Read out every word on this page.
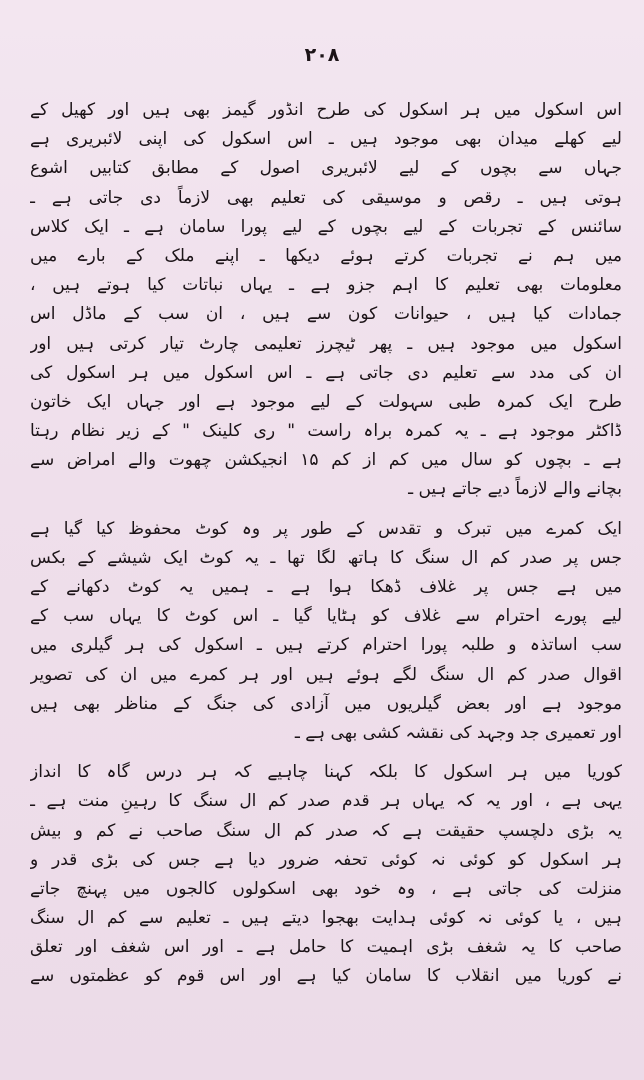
۲۰۸
اس اسکول میں ہر اسکول کی طرح انڈور گیمز بھی ہیں اور کھیل کے
لیے کھلے میدان بھی موجود ہیں ـ اس اسکول کی اپنی لائبریری ہے
جہاں سے بچوں کے لیے لائبریری اصول کے مطابق کتابیں اشوع
ہوتی ہیں ـ رقص و موسیقی کی تعلیم بھی لازماً دی جاتی ہے ـ
سائنس کے تجربات کے لیے بچوں کے لیے پورا سامان ہے ـ ایک کلاس
میں ہم نے تجربات کرتے ہوئے دیکھا ـ اپنے ملک کے بارے میں
معلومات بھی تعلیم کا اہم جزو ہے ـ یہاں نباتات کیا ہوتے ہیں ،
جمادات کیا ہیں ، حیوانات کون سے ہیں ، ان سب کے ماڈل اس
اسکول میں موجود ہیں ـ پھر ٹیچرز تعلیمی چارٹ تیار کرتی ہیں اور
ان کی مدد سے تعلیم دی جاتی ہے ـ اس اسکول میں ہر اسکول کی
طرح ایک کمرہ طبی سہولت کے لیے موجود ہے اور جہاں ایک خاتون
ڈاکٹر موجود ہے ـ یہ کمرہ براہ راست " ری کلینک " کے زیر نظام رہتا
ہے ـ بچوں کو سال میں کم از کم ۱۵ انجیکشن چھوت والے امراض سے
بچانے والے لازماً دیے جاتے ہیں ـ
ایک کمرے میں تبرک و تقدس کے طور پر وہ کوٹ محفوظ کیا گیا ہے
جس پر صدر کم ال سنگ کا ہاتھ لگا تھا ـ یہ کوٹ ایک شیشے کے بکس
میں ہے جس پر غلاف ڈھکا ہوا ہے ـ ہمیں یہ کوٹ دکھانے کے
لیے پورے احترام سے غلاف کو ہٹایا گیا ـ اس کوٹ کا یہاں سب کے
سب اساتذہ و طلبہ پورا احترام کرتے ہیں ـ اسکول کی ہر گیلری میں
اقوال صدر کم ال سنگ لگے ہوئے ہیں اور ہر کمرے میں ان کی تصویر
موجود ہے اور بعض گیلریوں میں آزادی کی جنگ کے مناظر بھی ہیں
اور تعمیری جد وجہد کی نقشہ کشی بھی ہے ـ
کوریا میں ہر اسکول کا بلکہ کہنا چاہیے کہ ہر درس گاہ کا انداز
یہی ہے ، اور یہ کہ یہاں ہر قدم صدر کم ال سنگ کا رہینِ منت ہے ـ
یہ بڑی دلچسپ حقیقت ہے کہ صدر کم ال سنگ صاحب نے کم و بیش
ہر اسکول کو کوئی نہ کوئی تحفہ ضرور دیا ہے جس کی بڑی قدر و
منزلت کی جاتی ہے ، وہ خود بھی اسکولوں کالجوں میں پہنچ جاتے
ہیں ، یا کوئی نہ کوئی ہدایت بھجوا دیتے ہیں ـ تعلیم سے کم ال سنگ
صاحب کا یہ شغف بڑی اہمیت کا حامل ہے ـ اور اس شغف اور تعلق
نے کوریا میں انقلاب کا سامان کیا ہے اور اس قوم کو عظمتوں سے
